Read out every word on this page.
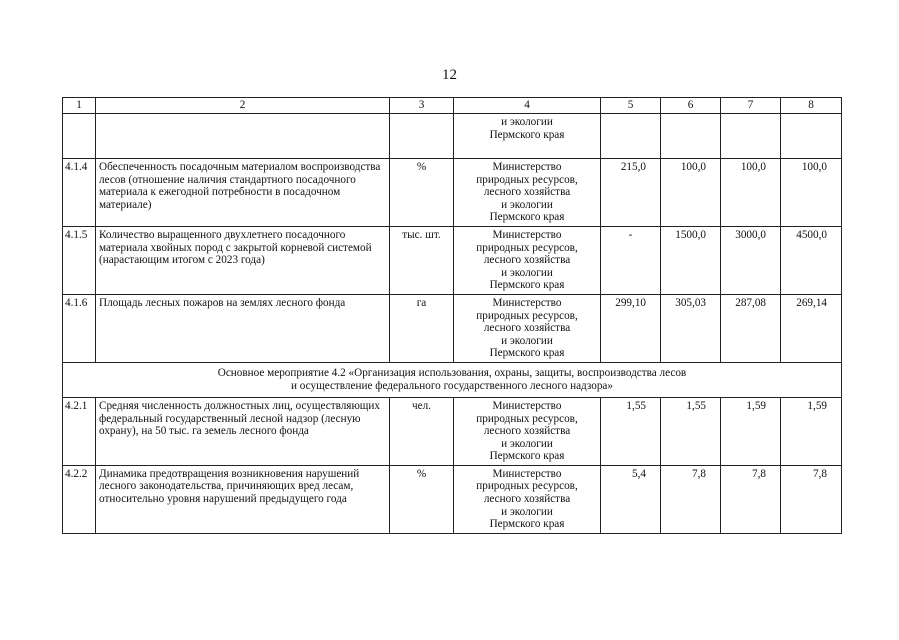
12
1	2	3	4	5	6	7	8

			и экологии
Пермского края				

4.1.4	Обеспеченность посадочным материалом воспроизводства лесов (отношение наличия стандартного посадочного материала к ежегодной потребности в посадочном материале)	%	Министерство
природных ресурсов,
лесного хозяйства
и экологии
Пермского края	215,0	100,0	100,0	100,0
4.1.5	Количество выращенного двухлетнего посадочного материала хвойных пород с закрытой корневой системой (нарастающим итогом с 2023 года)	тыс. шт.	Министерство
природных ресурсов,
лесного хозяйства
и экологии
Пермского края	-	1500,0	3000,0	4500,0
4.1.6	Площадь лесных пожаров на землях лесного фонда	га	Министерство
природных ресурсов,
лесного хозяйства
и экологии
Пермского края	299,10	305,03	287,08	269,14

Основное мероприятие 4.2 «Организация использования, охраны, защиты, воспроизводства лесов
и осуществление федерального государственного лесного надзора»							

4.2.1	Средняя численность должностных лиц, осуществляющих федеральный государственный лесной надзор (лесную охрану), на 50 тыс. га земель лесного фонда	чел.	Министерство
природных ресурсов,
лесного хозяйства
и экологии
Пермского края	1,55	1,55	1,59	1,59
4.2.2	Динамика предотвращения возникновения нарушений лесного законодательства, причиняющих вред лесам, относительно уровня нарушений предыдущего года	%	Министерство
природных ресурсов,
лесного хозяйства
и экологии
Пермского края	5,4	7,8	7,8	7,8
